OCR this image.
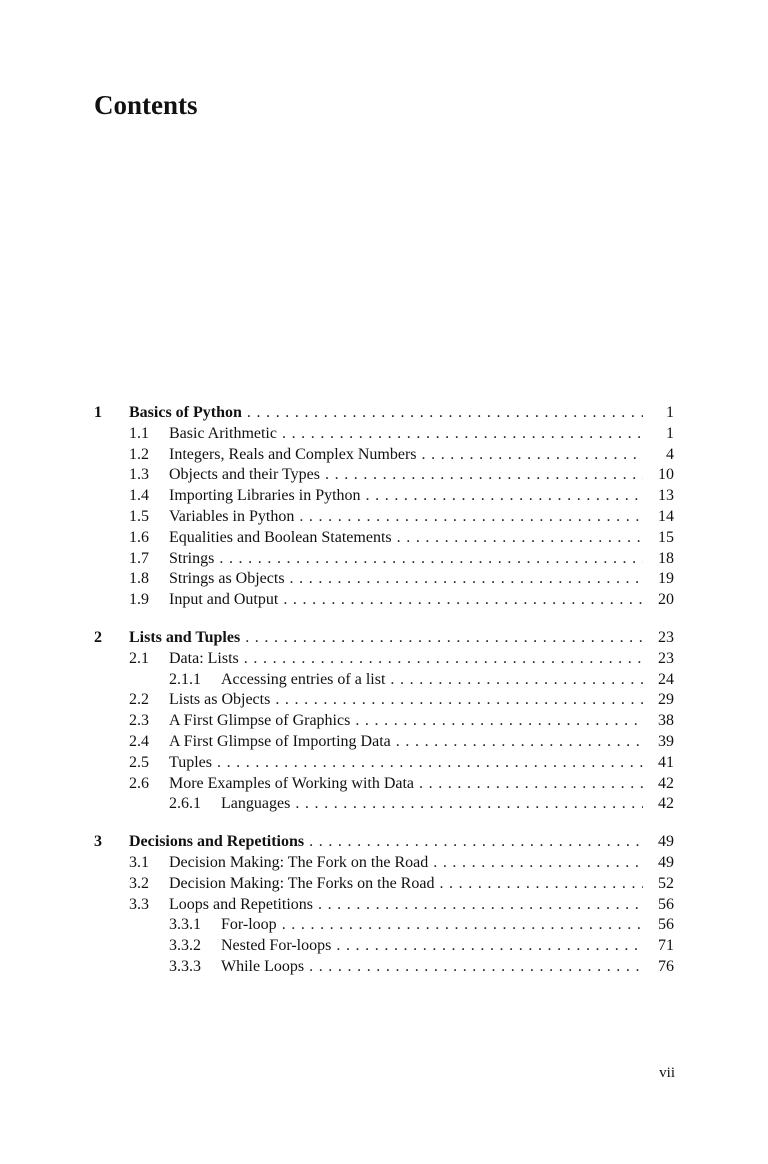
Contents
1	Basics of Python . . .	1
1.1	Basic Arithmetic . . .	1
1.2	Integers, Reals and Complex Numbers . . .	4
1.3	Objects and their Types . . .	10
1.4	Importing Libraries in Python . . .	13
1.5	Variables in Python . . .	14
1.6	Equalities and Boolean Statements . . .	15
1.7	Strings . . .	18
1.8	Strings as Objects . . .	19
1.9	Input and Output . . .	20
2	Lists and Tuples . . .	23
2.1	Data: Lists . . .	23
2.1.1	Accessing entries of a list . . .	24
2.2	Lists as Objects . . .	29
2.3	A First Glimpse of Graphics . . .	38
2.4	A First Glimpse of Importing Data . . .	39
2.5	Tuples . . .	41
2.6	More Examples of Working with Data . . .	42
2.6.1	Languages . . .	42
3	Decisions and Repetitions . . .	49
3.1	Decision Making: The Fork on the Road . . .	49
3.2	Decision Making: The Forks on the Road . . .	52
3.3	Loops and Repetitions . . .	56
3.3.1	For-loop . . .	56
3.3.2	Nested For-loops . . .	71
3.3.3	While Loops . . .	76
vii
